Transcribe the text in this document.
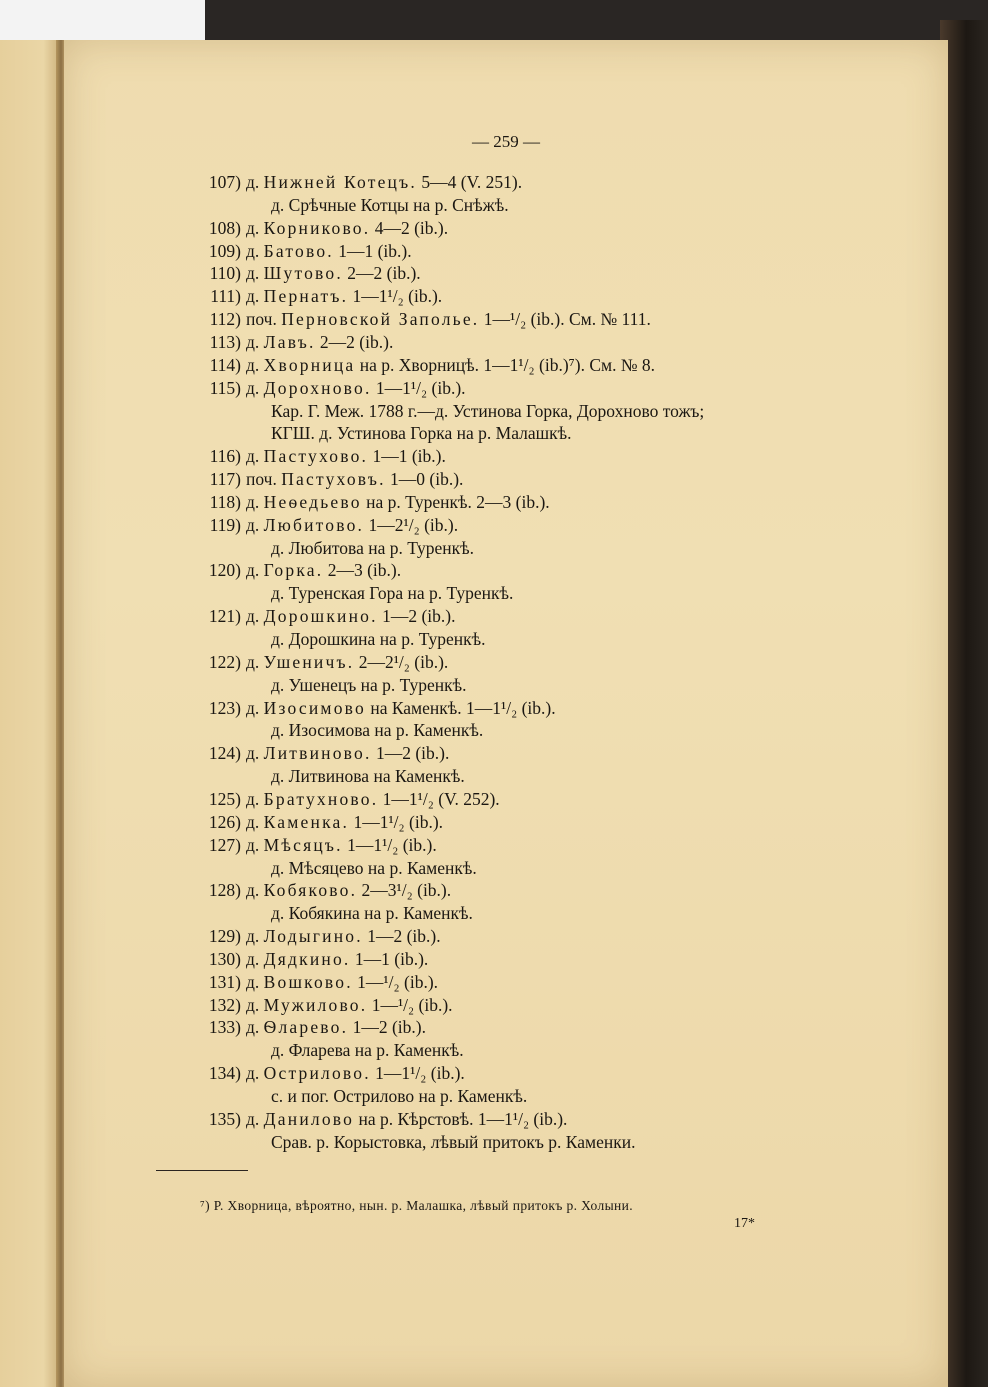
— 259 —
107) д. Нижней Котецъ. 5—4 (V. 251).
д. Срѣчные Котцы на р. Снѣжѣ.
108) д. Корниково. 4—2 (ib.).
109) д. Батово. 1—1 (ib.).
110) д. Шутово. 2—2 (ib.).
111) д. Пернатъ. 1—1¹/₂ (ib.).
112) поч. Перновской Заполье. 1—¹/₂ (ib.). См. № 111.
113) д. Лавъ. 2—2 (ib.).
114) д. Хворница на р. Хворницѣ. 1—1¹/₂ (ib.)⁷). См. № 8.
115) д. Дорохново. 1—1¹/₂ (ib.).
Кар. Г. Меж. 1788 г.—д. Устинова Горка, Дорохново тожъ;
КГШ. д. Устинова Горка на р. Малашкѣ.
116) д. Пастухово. 1—1 (ib.).
117) поч. Пастуховъ. 1—0 (ib.).
118) д. Неѳедьево на р. Туренкѣ. 2—3 (ib.).
119) д. Любитово. 1—2¹/₂ (ib.).
д. Любитова на р. Туренкѣ.
120) д. Горка. 2—3 (ib.).
д. Туренская Гора на р. Туренкѣ.
121) д. Дорошкино. 1—2 (ib.).
д. Дорошкина на р. Туренкѣ.
122) д. Ушеничъ. 2—2¹/₂ (ib.).
д. Ушенецъ на р. Туренкѣ.
123) д. Изосимово на Каменкѣ. 1—1¹/₂ (ib.).
д. Изосимова на р. Каменкѣ.
124) д. Литвиново. 1—2 (ib.).
д. Литвинова на Каменкѣ.
125) д. Братухново. 1—1¹/₂ (V. 252).
126) д. Каменка. 1—1¹/₂ (ib.).
127) д. Мѣсяцъ. 1—1¹/₂ (ib.).
д. Мѣсяцево на р. Каменкѣ.
128) д. Кобяково. 2—3¹/₂ (ib.).
д. Кобякина на р. Каменкѣ.
129) д. Лодыгино. 1—2 (ib.).
130) д. Дядкино. 1—1 (ib.).
131) д. Вошково. 1—¹/₂ (ib.).
132) д. Мужилово. 1—¹/₂ (ib.).
133) д. Ѳларево. 1—2 (ib.).
д. Фларева на р. Каменкѣ.
134) д. Острилово. 1—1¹/₂ (ib.).
с. и пог. Острилово на р. Каменкѣ.
135) д. Данилово на р. Кѣрстовѣ. 1—1¹/₂ (ib.).
Срав. р. Корыстовка, лѣвый притокъ р. Каменки.
⁷) Р. Хворница, вѣроятно, нын. р. Малашка, лѣвый притокъ р. Холыни.
17*
